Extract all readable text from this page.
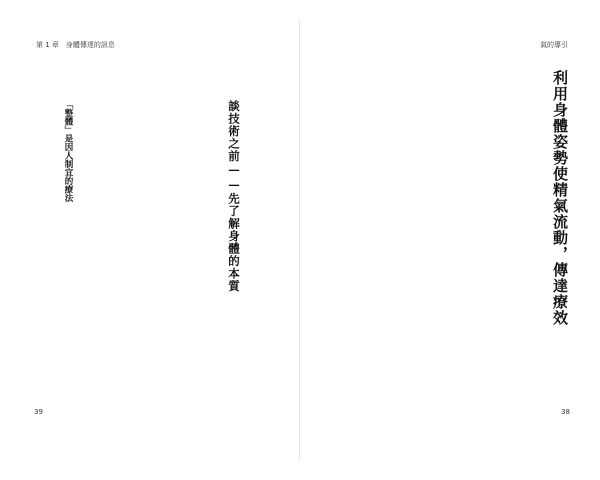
第 1 章　身體傳達的訊息
談技術之前——先了解身體的本質
「整體」是因人制宜的療法
39
氣的導引
利用身體姿勢使精氣流動，傳達療效
38
